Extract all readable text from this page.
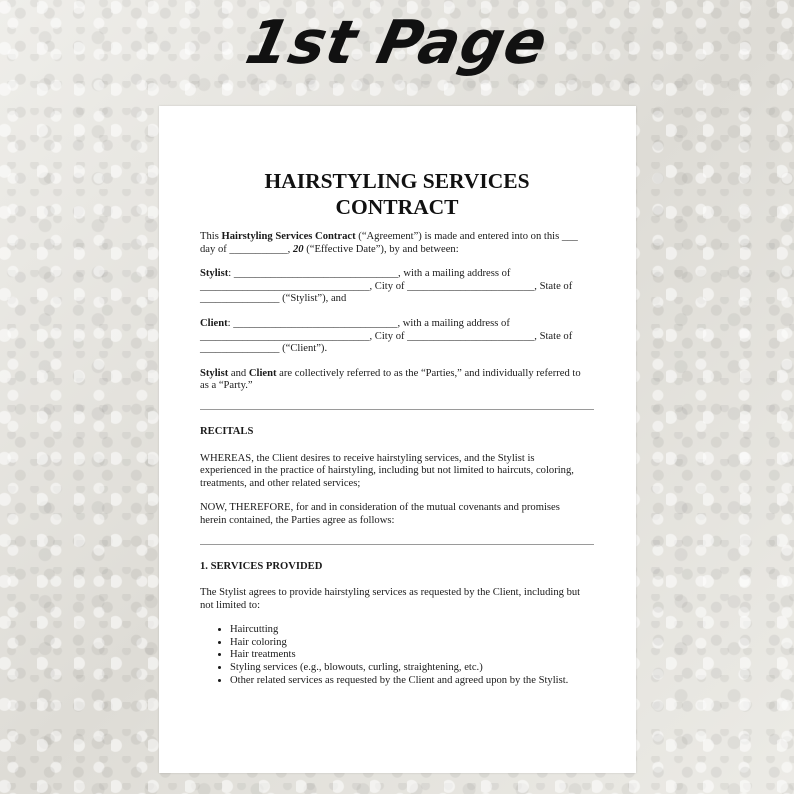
1st Page
HAIRSTYLING SERVICES
CONTRACT

This Hairstyling Services Contract (“Agreement”) is made and entered into on this ___

day of ___________, 20 (“Effective Date”), by and between:

Stylist: _______________________________, with a mailing address of

________________________________, City of ________________________, State of

_______________ (“Stylist”), and

Client: _______________________________, with a mailing address of

________________________________, City of ________________________, State of

_______________ (“Client”).

Stylist and Client are collectively referred to as the “Parties,” and individually referred to

as a “Party.”

RECITALS

WHEREAS, the Client desires to receive hairstyling services, and the Stylist is

experienced in the practice of hairstyling, including but not limited to haircuts, coloring,

treatments, and other related services;

NOW, THEREFORE, for and in consideration of the mutual covenants and promises

herein contained, the Parties agree as follows:

1. SERVICES PROVIDED

The Stylist agrees to provide hairstyling services as requested by the Client, including but

not limited to:

• Haircutting
• Hair coloring
• Hair treatments
• Styling services (e.g., blowouts, curling, straightening, etc.)
• Other related services as requested by the Client and agreed upon by the Stylist.
